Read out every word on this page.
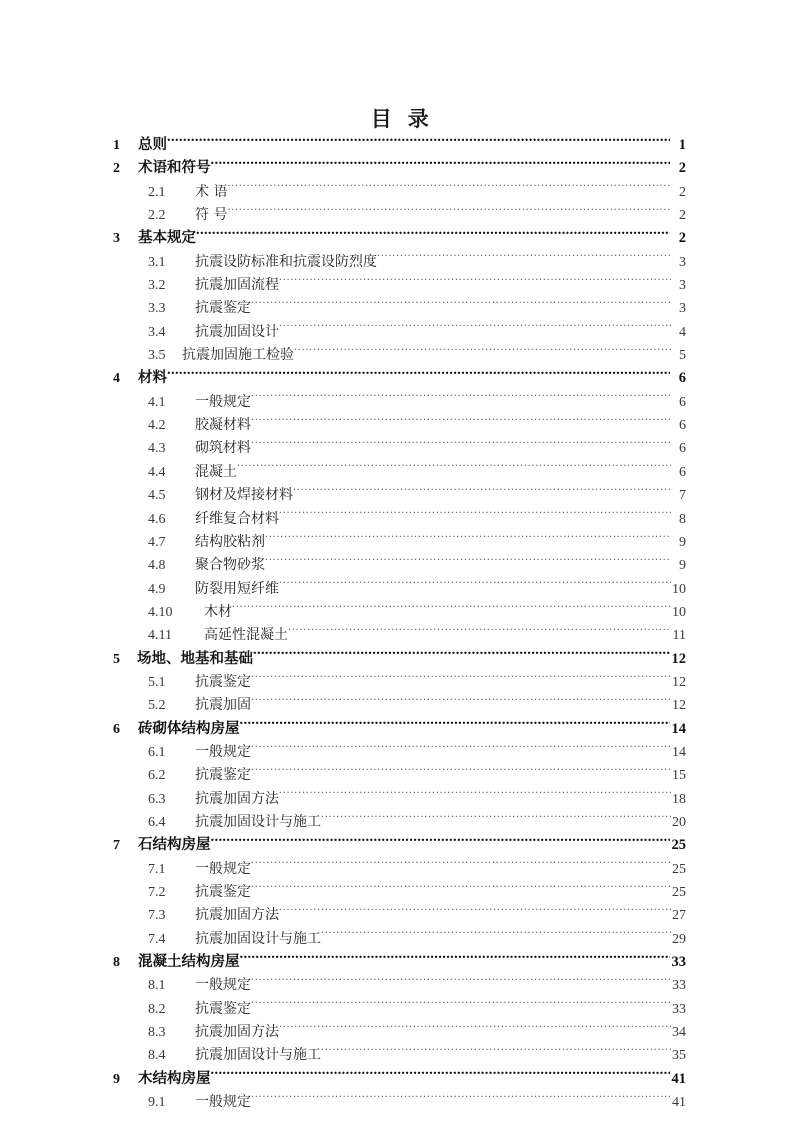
目  录
1	总则 .....	1
2	术语和符号 .....	2
2.1	术 语 .....	2
2.2	符 号 .....	2
3	基本规定 .....	2
3.1	抗震设防标准和抗震设防烈度 .....	3
3.2	抗震加固流程 .....	3
3.3	抗震鉴定 .....	3
3.4	抗震加固设计 .....	4
3.5	抗震加固施工检验 .....	5
4	材料 .....	6
4.1	一般规定 .....	6
4.2	胶凝材料 .....	6
4.3	砌筑材料 .....	6
4.4	混凝土 .....	6
4.5	钢材及焊接材料 .....	7
4.6	纤维复合材料 .....	8
4.7	结构胶粘剂 .....	9
4.8	聚合物砂浆 .....	9
4.9	防裂用短纤维 .....	10
4.10	木材 .....	10
4.11	高延性混凝土 .....	11
5	场地、地基和基础 .....	12
5.1	抗震鉴定 .....	12
5.2	抗震加固 .....	12
6	砖砌体结构房屋 .....	14
6.1	一般规定 .....	14
6.2	抗震鉴定 .....	15
6.3	抗震加固方法 .....	18
6.4	抗震加固设计与施工 .....	20
7	石结构房屋 .....	25
7.1	一般规定 .....	25
7.2	抗震鉴定 .....	25
7.3	抗震加固方法 .....	27
7.4	抗震加固设计与施工 .....	29
8	混凝土结构房屋 .....	33
8.1	一般规定 .....	33
8.2	抗震鉴定 .....	33
8.3	抗震加固方法 .....	34
8.4	抗震加固设计与施工 .....	35
9	木结构房屋 .....	41
9.1	一般规定 .....	41
